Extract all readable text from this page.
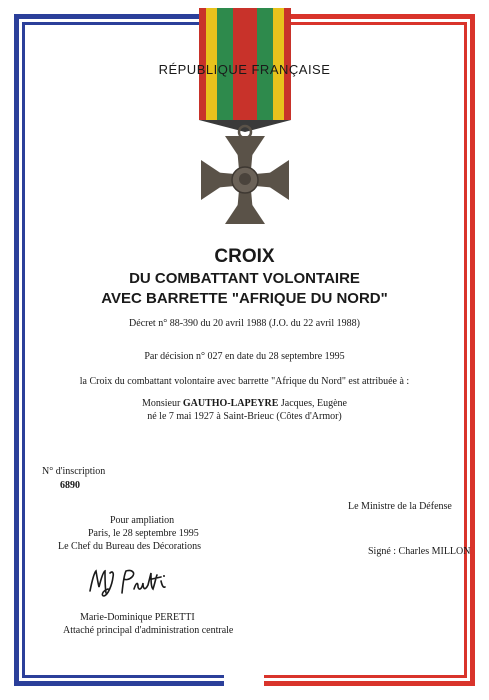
RÉPUBLIQUE FRANÇAISE
CROIX
DU COMBATTANT VOLONTAIRE
AVEC BARRETTE "AFRIQUE DU NORD"
Décret n° 88-390 du 20 avril 1988 (J.O. du 22 avril 1988)
Par décision n° 027 en date du 28 septembre 1995
la Croix du combattant volontaire avec barrette "Afrique du Nord" est attribuée à :
Monsieur GAUTHO-LAPEYRE Jacques, Eugène
né le 7 mai 1927 à Saint-Brieuc (Côtes d'Armor)
N° d'inscription
6890
Le Ministre de la Défense
Signé : Charles MILLON
Pour ampliation
Paris, le 28 septembre 1995
Le Chef du Bureau des Décorations
Marie-Dominique PERETTI
Attaché principal d'administration centrale
